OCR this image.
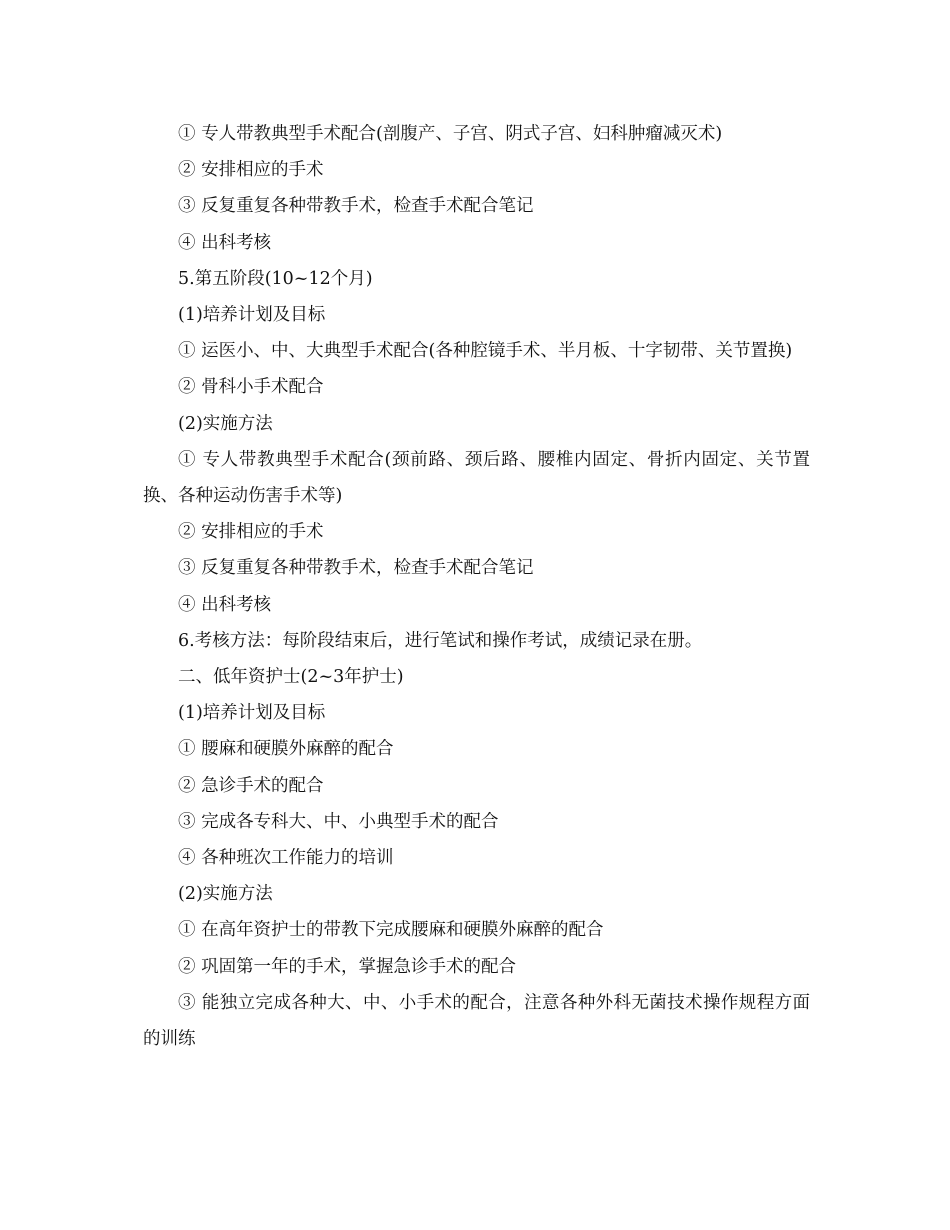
① 专人带教典型手术配合(剖腹产、子宫、阴式子宫、妇科肿瘤减灭术)

② 安排相应的手术

③ 反复重复各种带教手术，检查手术配合笔记

④ 出科考核

5.第五阶段(10~12个月)

(1)培养计划及目标

① 运医小、中、大典型手术配合(各种腔镜手术、半月板、十字韧带、关节置换)

② 骨科小手术配合

(2)实施方法

① 专人带教典型手术配合(颈前路、颈后路、腰椎内固定、骨折内固定、关节置换、各种运动伤害手术等)

② 安排相应的手术

③ 反复重复各种带教手术，检查手术配合笔记

④ 出科考核

6.考核方法：每阶段结束后，进行笔试和操作考试，成绩记录在册。

二、低年资护士(2~3年护士)

(1)培养计划及目标

① 腰麻和硬膜外麻醉的配合

② 急诊手术的配合

③ 完成各专科大、中、小典型手术的配合

④ 各种班次工作能力的培训

(2)实施方法

① 在高年资护士的带教下完成腰麻和硬膜外麻醉的配合

② 巩固第一年的手术，掌握急诊手术的配合

③ 能独立完成各种大、中、小手术的配合，注意各种外科无菌技术操作规程方面的训练
